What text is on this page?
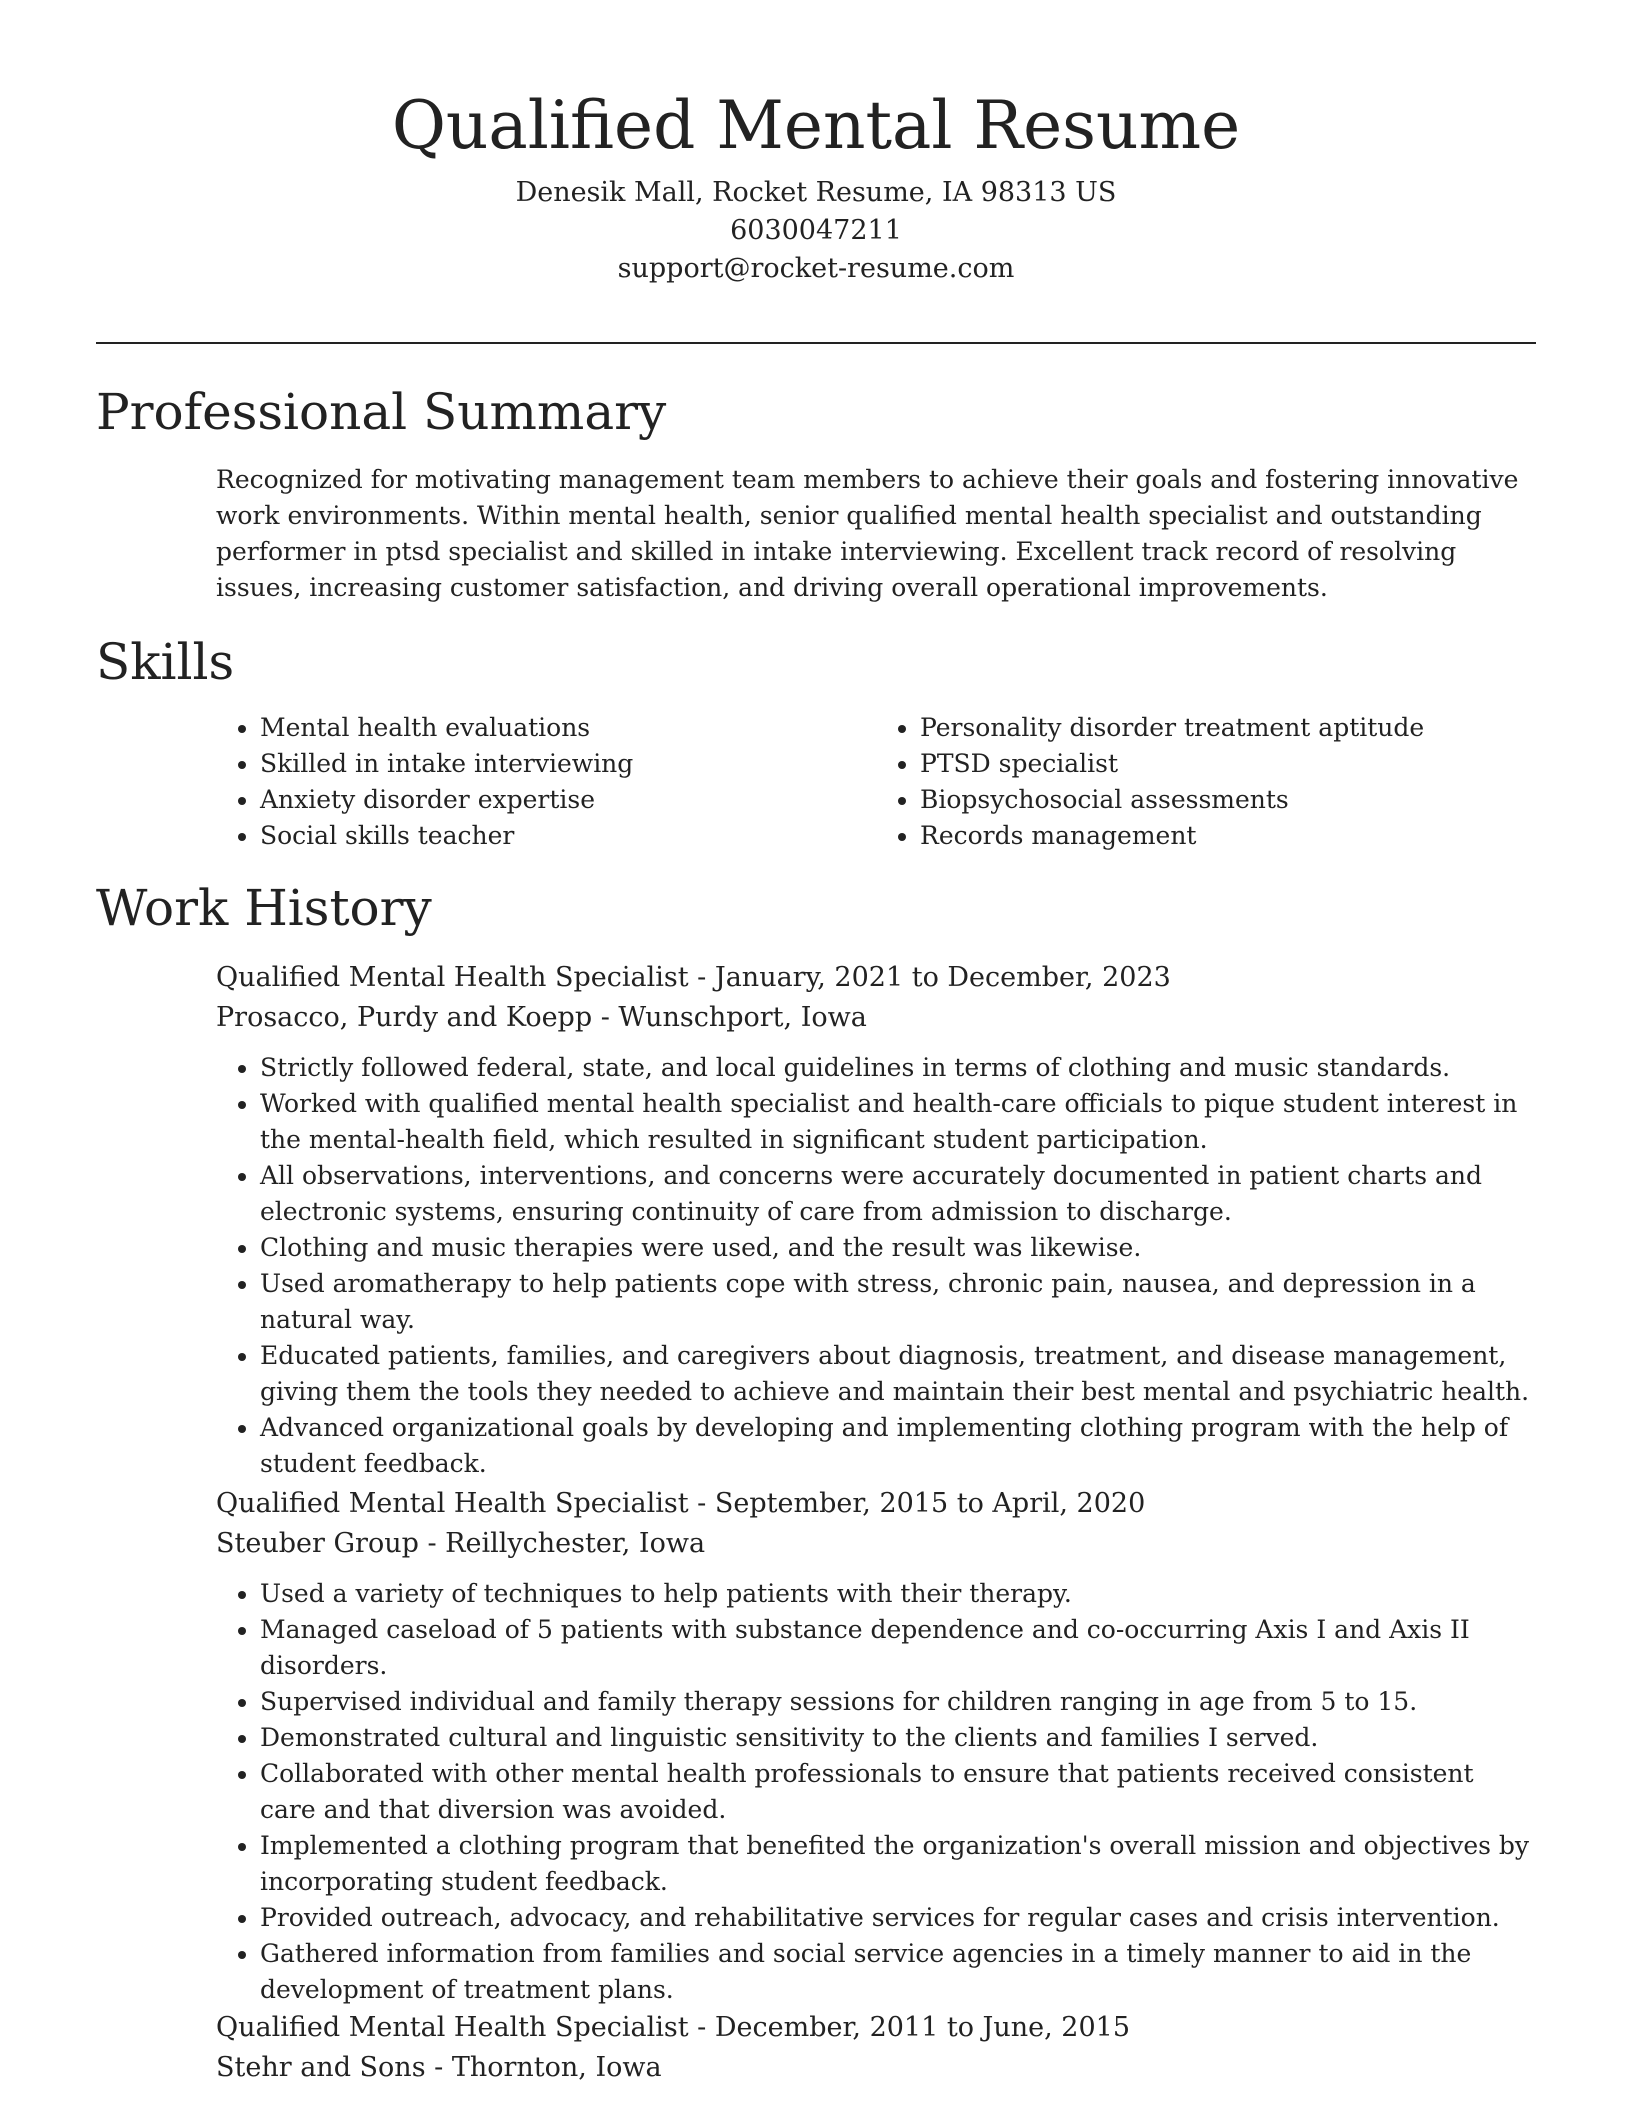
Qualified Mental Resume
Denesik Mall, Rocket Resume, IA 98313 US
6030047211
support@rocket-resume.com
Professional Summary
Recognized for motivating management team members to achieve their goals and fostering innovative work environments. Within mental health, senior qualified mental health specialist and outstanding performer in ptsd specialist and skilled in intake interviewing. Excellent track record of resolving issues, increasing customer satisfaction, and driving overall operational improvements.
Skills
• Mental health evaluations
• Skilled in intake interviewing
• Anxiety disorder expertise
• Social skills teacher
• Personality disorder treatment aptitude
• PTSD specialist
• Biopsychosocial assessments
• Records management
Work History
Qualified Mental Health Specialist - January, 2021 to December, 2023
Prosacco, Purdy and Koepp - Wunschport, Iowa
• Strictly followed federal, state, and local guidelines in terms of clothing and music standards.
• Worked with qualified mental health specialist and health-care officials to pique student interest in the mental-health field, which resulted in significant student participation.
• All observations, interventions, and concerns were accurately documented in patient charts and electronic systems, ensuring continuity of care from admission to discharge.
• Clothing and music therapies were used, and the result was likewise.
• Used aromatherapy to help patients cope with stress, chronic pain, nausea, and depression in a natural way.
• Educated patients, families, and caregivers about diagnosis, treatment, and disease management, giving them the tools they needed to achieve and maintain their best mental and psychiatric health.
• Advanced organizational goals by developing and implementing clothing program with the help of student feedback.
Qualified Mental Health Specialist - September, 2015 to April, 2020
Steuber Group - Reillychester, Iowa
• Used a variety of techniques to help patients with their therapy.
• Managed caseload of 5 patients with substance dependence and co-occurring Axis I and Axis II disorders.
• Supervised individual and family therapy sessions for children ranging in age from 5 to 15.
• Demonstrated cultural and linguistic sensitivity to the clients and families I served.
• Collaborated with other mental health professionals to ensure that patients received consistent care and that diversion was avoided.
• Implemented a clothing program that benefited the organization's overall mission and objectives by incorporating student feedback.
• Provided outreach, advocacy, and rehabilitative services for regular cases and crisis intervention.
• Gathered information from families and social service agencies in a timely manner to aid in the development of treatment plans.
Qualified Mental Health Specialist - December, 2011 to June, 2015
Stehr and Sons - Thornton, Iowa
